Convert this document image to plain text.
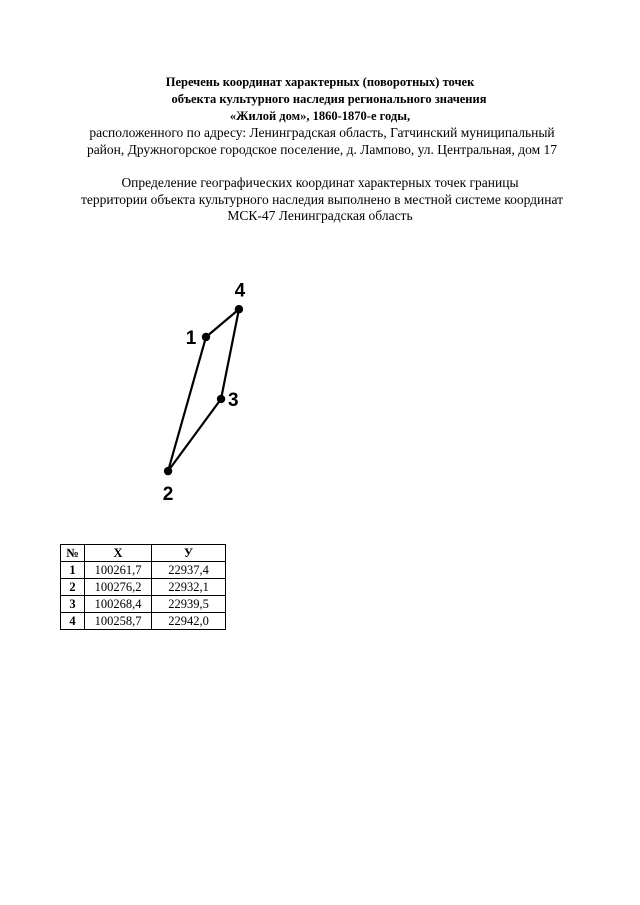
Перечень координат характерных (поворотных) точек
объекта культурного наследия регионального значения
«Жилой дом», 1860-1870-е годы,
расположенного по адресу: Ленинградская область, Гатчинский муниципальный
район, Дружногорское городское поселение, д. Лампово, ул. Центральная, дом 17
Определение географических координат характерных точек границы
территории объекта культурного наследия выполнено в местной системе координат
МСК-47 Ленинградская область
1
2
3
4
№	X	У
1	100261,7	22937,4
2	100276,2	22932,1
3	100268,4	22939,5
4	100258,7	22942,0
